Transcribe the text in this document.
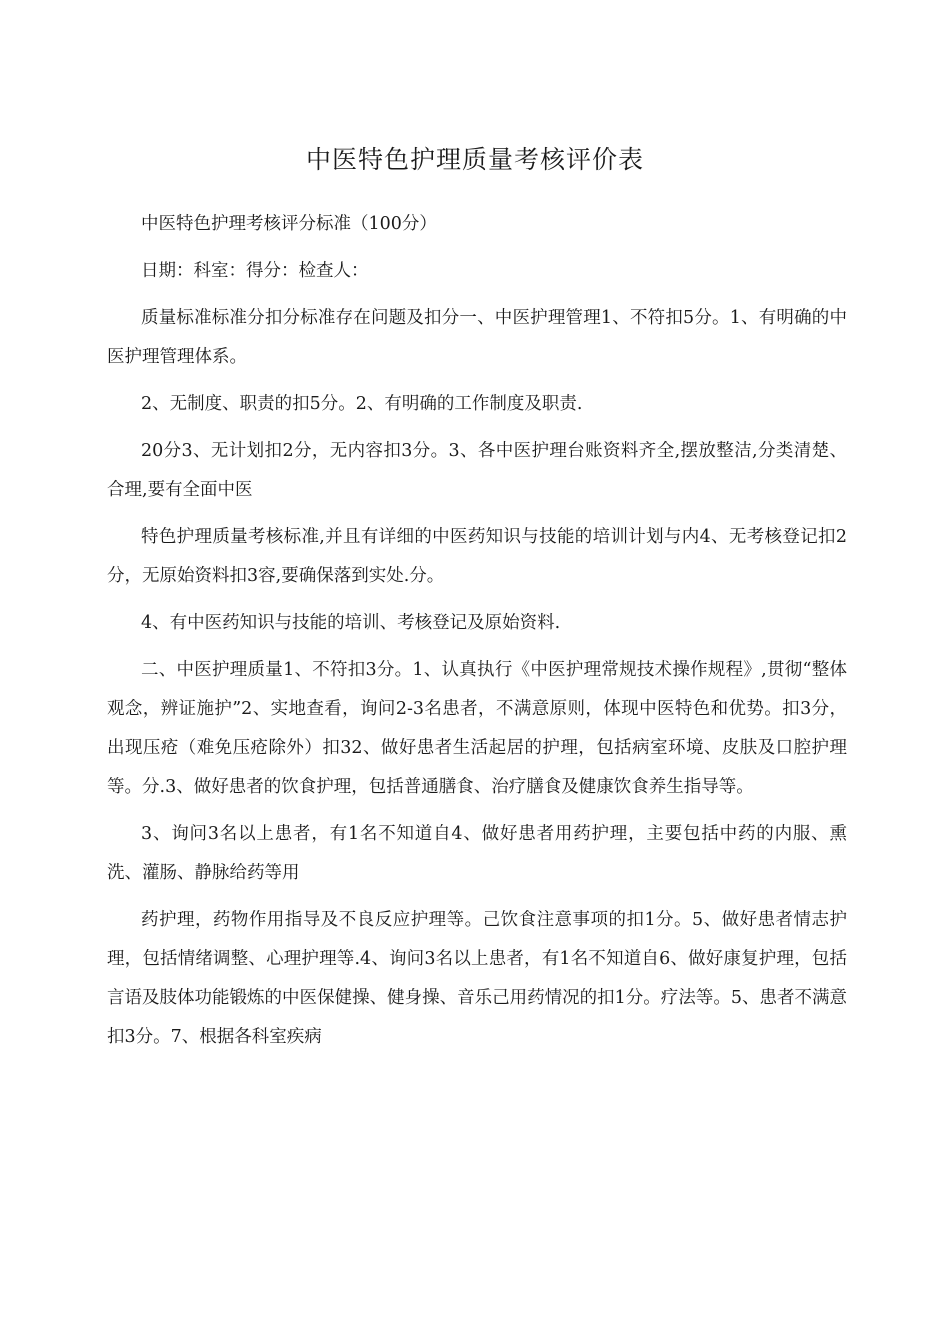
中医特色护理质量考核评价表

中医特色护理考核评分标准（100分）

日期：科室：得分：检查人：

质量标准标准分扣分标准存在问题及扣分一、中医护理管理1、不符扣5分。1、有明确的中医护理管理体系。

2、无制度、职责的扣5分。2、有明确的工作制度及职责.

20分3、无计划扣2分，无内容扣3分。3、各中医护理台账资料齐全,摆放整洁,分类清楚、合理,要有全面中医

特色护理质量考核标准,并且有详细的中医药知识与技能的培训计划与内4、无考核登记扣2分，无原始资料扣3容,要确保落到实处.分。

4、有中医药知识与技能的培训、考核登记及原始资料.

二、中医护理质量1、不符扣3分。1、认真执行《中医护理常规技术操作规程》,贯彻“整体观念，辨证施护”2、实地查看，询问2-3名患者，不满意原则，体现中医特色和优势。扣3分，出现压疮（难免压疮除外）扣32、做好患者生活起居的护理，包括病室环境、皮肤及口腔护理等。分.3、做好患者的饮食护理，包括普通膳食、治疗膳食及健康饮食养生指导等。

3、询问3名以上患者，有1名不知道自4、做好患者用药护理，主要包括中药的内服、熏洗、灌肠、静脉给药等用

药护理，药物作用指导及不良反应护理等。己饮食注意事项的扣1分。5、做好患者情志护理，包括情绪调整、心理护理等.4、询问3名以上患者，有1名不知道自6、做好康复护理，包括言语及肢体功能锻炼的中医保健操、健身操、音乐己用药情况的扣1分。疗法等。5、患者不满意扣3分。7、根据各科室疾病
